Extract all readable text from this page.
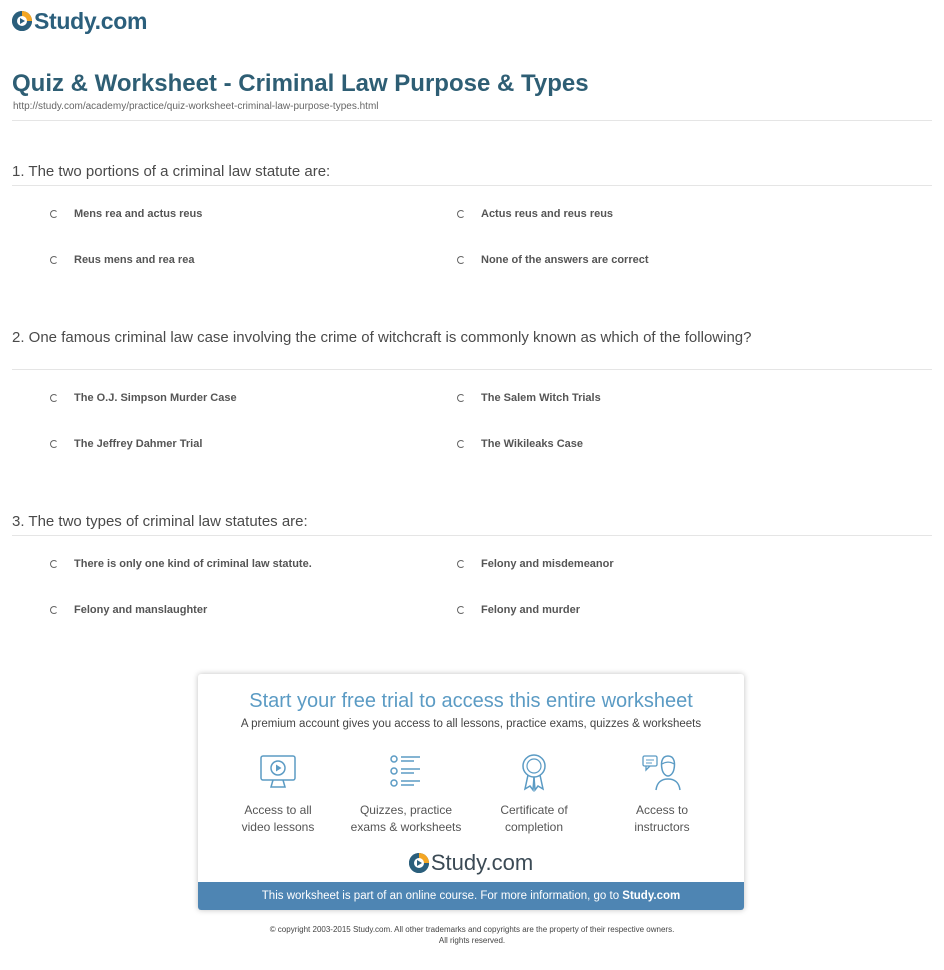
Study.com
Quiz & Worksheet - Criminal Law Purpose & Types
http://study.com/academy/practice/quiz-worksheet-criminal-law-purpose-types.html
1. The two portions of a criminal law statute are:
Mens rea and actus reus	Actus reus and reus reus
Reus mens and rea rea	None of the answers are correct
2. One famous criminal law case involving the crime of witchcraft is commonly known as which of the following?
The O.J. Simpson Murder Case	The Salem Witch Trials
The Jeffrey Dahmer Trial	The Wikileaks Case
3. The two types of criminal law statutes are:
There is only one kind of criminal law statute.	Felony and misdemeanor
Felony and manslaughter	Felony and murder
Start your free trial to access this entire worksheet
A premium account gives you access to all lessons, practice exams, quizzes & worksheets
Access to all
video lessons
Quizzes, practice
exams & worksheets
Certificate of
completion
Access to
instructors
Study.com
This worksheet is part of an online course. For more information, go to Study.com
© copyright 2003-2015 Study.com. All other trademarks and copyrights are the property of their respective owners.
All rights reserved.
